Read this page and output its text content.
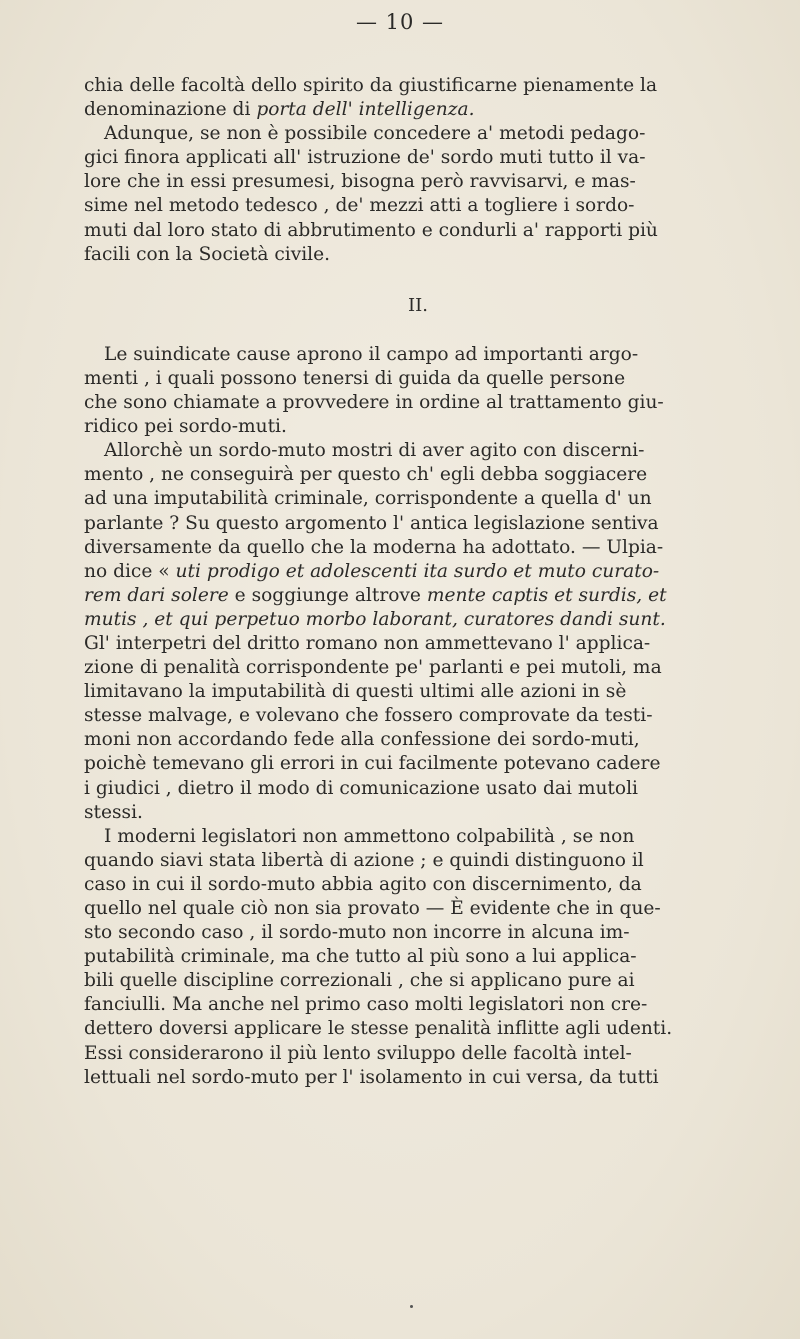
— 10 —
chia delle facoltà dello spirito da giustificarne pienamente la
denominazione di porta dell' intelligenza.
Adunque, se non è possibile concedere a' metodi pedago-
gici finora applicati all' istruzione de' sordo muti tutto il va-
lore che in essi presumesi, bisogna però ravvisarvi, e mas-
sime nel metodo tedesco , de' mezzi atti a togliere i sordo-
muti dal loro stato di abbrutimento e condurli a' rapporti più
facili con la Società civile.
II.
Le suindicate cause aprono il campo ad importanti argo-
menti , i quali possono tenersi di guida da quelle persone
che sono chiamate a provvedere in ordine al trattamento giu-
ridico pei sordo-muti.
Allorchè un sordo-muto mostri di aver agito con discerni-
mento , ne conseguirà per questo ch' egli debba soggiacere
ad una imputabilità criminale, corrispondente a quella d' un
parlante ? Su questo argomento l' antica legislazione sentiva
diversamente da quello che la moderna ha adottato. — Ulpia-
no dice « uti prodigo et adolescenti ita surdo et muto curato-
rem dari solere e soggiunge altrove mente captis et surdis, et
mutis , et qui perpetuo morbo laborant, curatores dandi sunt.
Gl' interpetri del dritto romano non ammettevano l' applica-
zione di penalità corrispondente pe' parlanti e pei mutoli, ma
limitavano la imputabilità di questi ultimi alle azioni in sè
stesse malvage, e volevano che fossero comprovate da testi-
moni non accordando fede alla confessione dei sordo-muti,
poichè temevano gli errori in cui facilmente potevano cadere
i giudici , dietro il modo di comunicazione usato dai mutoli
stessi.
I moderni legislatori non ammettono colpabilità , se non
quando siavi stata libertà di azione ; e quindi distinguono il
caso in cui il sordo-muto abbia agito con discernimento, da
quello nel quale ciò non sia provato — È evidente che in que-
sto secondo caso , il sordo-muto non incorre in alcuna im-
putabilità criminale, ma che tutto al più sono a lui applica-
bili quelle discipline correzionali , che si applicano pure ai
fanciulli. Ma anche nel primo caso molti legislatori non cre-
dettero doversi applicare le stesse penalità inflitte agli udenti.
Essi considerarono il più lento sviluppo delle facoltà intel-
lettuali nel sordo-muto per l' isolamento in cui versa, da tutti
